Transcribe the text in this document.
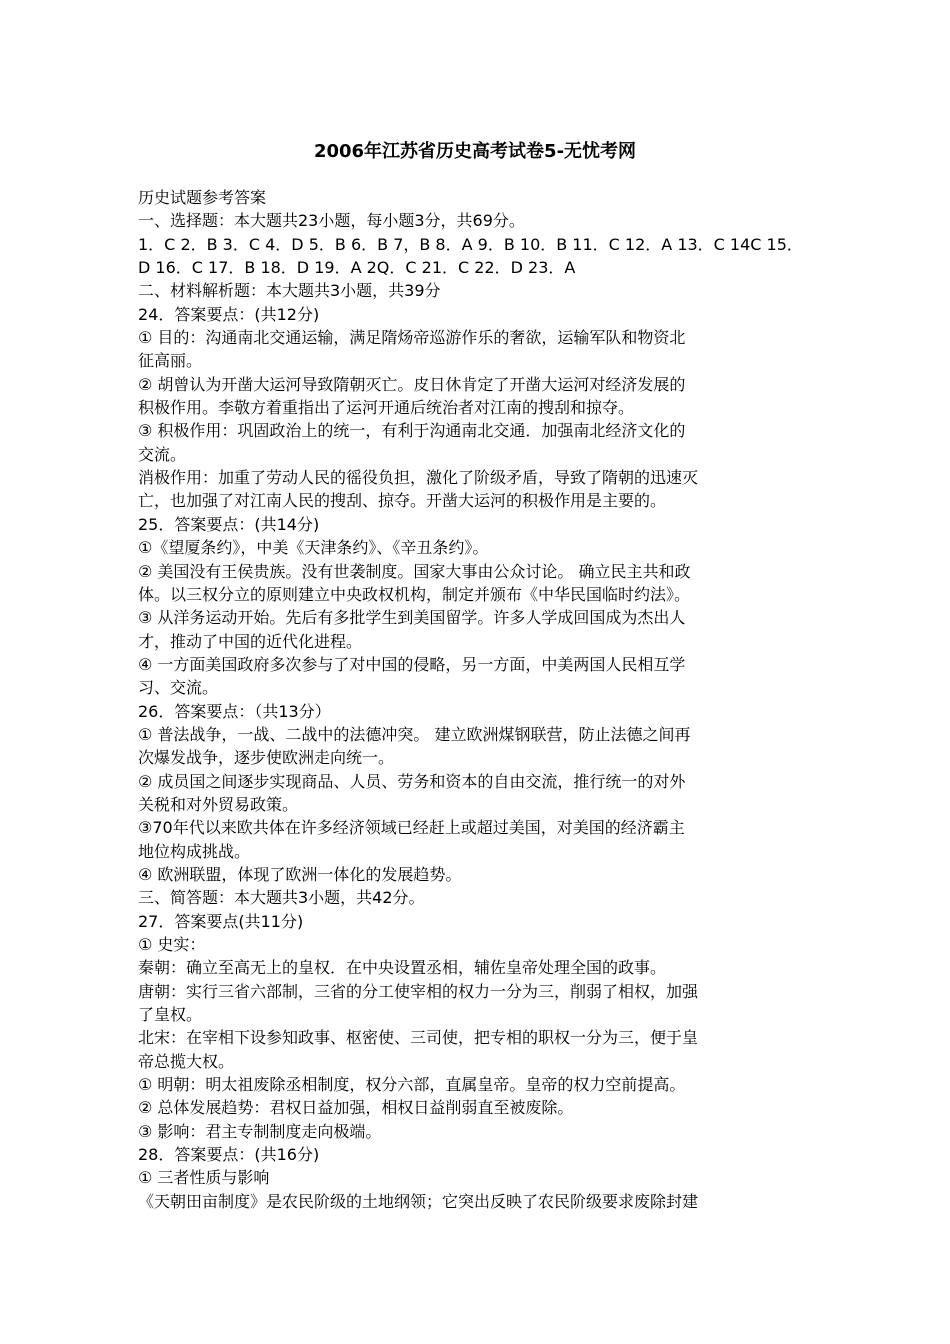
2006年江苏省历史高考试卷5-无忧考网
历史试题参考答案
一、选择题：本大题共23小题，每小题3分，共69分。
1．C 2．B 3．C 4．D 5．B 6．B 7，B 8．A 9．B 10．B 11．C 12．A 13．C 14C 15．
D 16．C 17．B 18．D 19．A 2Q．C 21．C 22．D 23．A
二、材料解析题：本大题共3小题，共39分
24．答案要点：(共12分)
① 目的：沟通南北交通运输，满足隋炀帝巡游作乐的奢欲，运输军队和物资北
征高丽。
② 胡曾认为开凿大运河导致隋朝灭亡。皮日休肯定了开凿大运河对经济发展的
积极作用。李敬方着重指出了运河开通后统治者对江南的搜刮和掠夺。
③ 积极作用：巩固政治上的统一，有利于沟通南北交通．加强南北经济文化的
交流。
消极作用：加重了劳动人民的徭役负担，激化了阶级矛盾，导致了隋朝的迅速灭
亡，也加强了对江南人民的搜刮、掠夺。开凿大运河的积极作用是主要的。
25．答案要点：(共14分)
①《望厦条约》，中美《天津条约》、《辛丑条约》。
② 美国没有王侯贵族。没有世袭制度。国家大事由公众讨论。 确立民主共和政
体。以三权分立的原则建立中央政权机构，制定并颁布《中华民国临时约法》。
③ 从洋务运动开始。先后有多批学生到美国留学。许多人学成回国成为杰出人
才，推动了中国的近代化进程。
④ 一方面美国政府多次参与了对中国的侵略，另一方面，中美两国人民相互学
习、交流。
26．答案要点：（共13分）
① 普法战争，一战、二战中的法德冲突。 建立欧洲煤钢联营，防止法德之间再
次爆发战争，逐步使欧洲走向统一。
② 成员国之间逐步实现商品、人员、劳务和资本的自由交流，推行统一的对外
关税和对外贸易政策。
③70年代以来欧共体在许多经济领域已经赶上或超过美国，对美国的经济霸主
地位构成挑战。
④ 欧洲联盟，体现了欧洲一体化的发展趋势。
三、简答题：本大题共3小题，共42分。
27．答案要点(共11分)
① 史实：
秦朝：确立至高无上的皇权．在中央设置丞相，辅佐皇帝处理全国的政事。
唐朝：实行三省六部制，三省的分工使宰相的权力一分为三，削弱了相权，加强
了皇权。
北宋：在宰相下设参知政事、枢密使、三司使，把专相的职权一分为三，便于皇
帝总揽大权。
① 明朝：明太祖废除丞相制度，权分六部，直属皇帝。皇帝的权力空前提高。
② 总体发展趋势：君权日益加强，相权日益削弱直至被废除。
③ 影响：君主专制制度走向极端。
28．答案要点：(共16分)
① 三者性质与影响
《天朝田亩制度》是农民阶级的土地纲领；它突出反映了农民阶级要求废除封建
